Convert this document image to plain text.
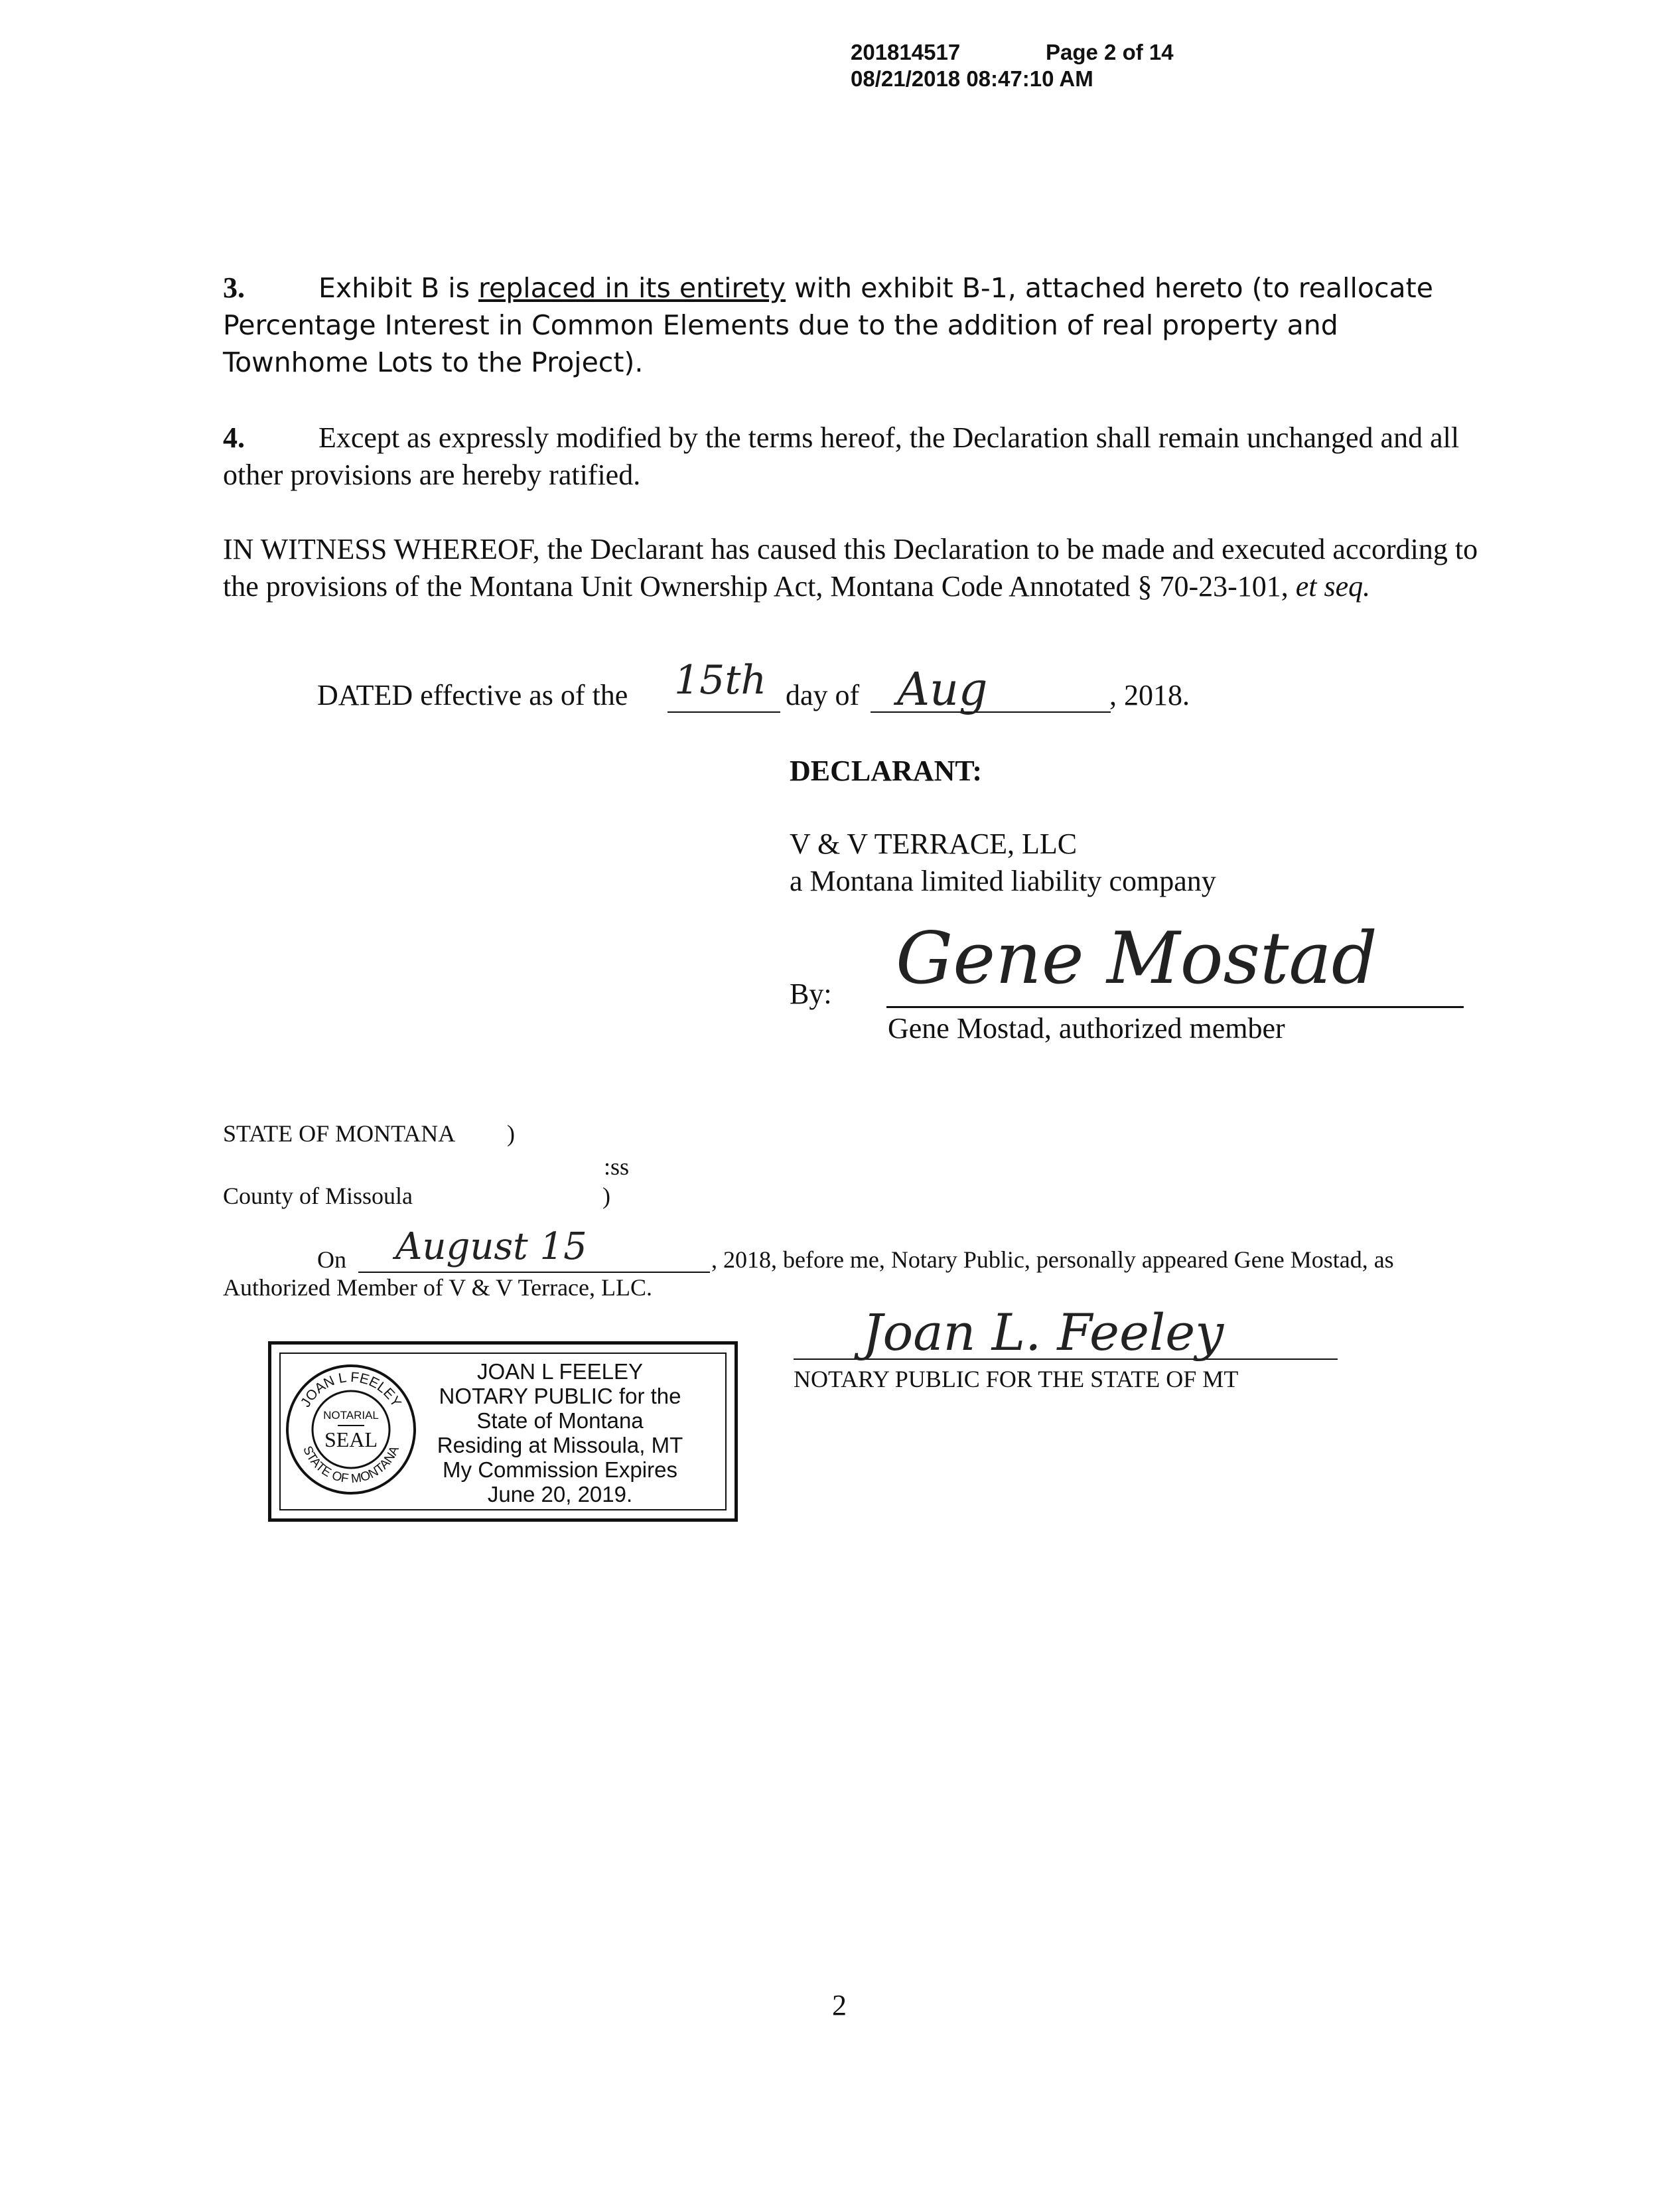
201814517	Page 2 of 14
08/21/2018 08:47:10 AM
3.	Exhibit B is replaced in its entirety with exhibit B-1, attached hereto (to reallocate Percentage Interest in Common Elements due to the addition of real property and Townhome Lots to the Project).
4.	Except as expressly modified by the terms hereof, the Declaration shall remain unchanged and all other provisions are hereby ratified.
IN WITNESS WHEREOF, the Declarant has caused this Declaration to be made and executed according to the provisions of the Montana Unit Ownership Act, Montana Code Annotated § 70-23-101, et seq.
DATED effective as of the 15th day of Aug	, 2018.
DECLARANT:
V & V TERRACE, LLC
a Montana limited liability company
By: Gene Mostad
Gene Mostad, authorized member
STATE OF MONTANA )
:ss
County of Missoula	)
On August 15	, 2018, before me, Notary Public, personally appeared Gene Mostad, as
Authorized Member of V & V Terrace, LLC.
Joan L. Feeley
NOTARY PUBLIC FOR THE STATE OF MT
JOAN L FEELEY
STATE OF MONTANA
NOTARIAL
SEAL
JOAN L FEELEY
NOTARY PUBLIC for the
State of Montana
Residing at Missoula, MT
My Commission Expires
June 20, 2019.
2
